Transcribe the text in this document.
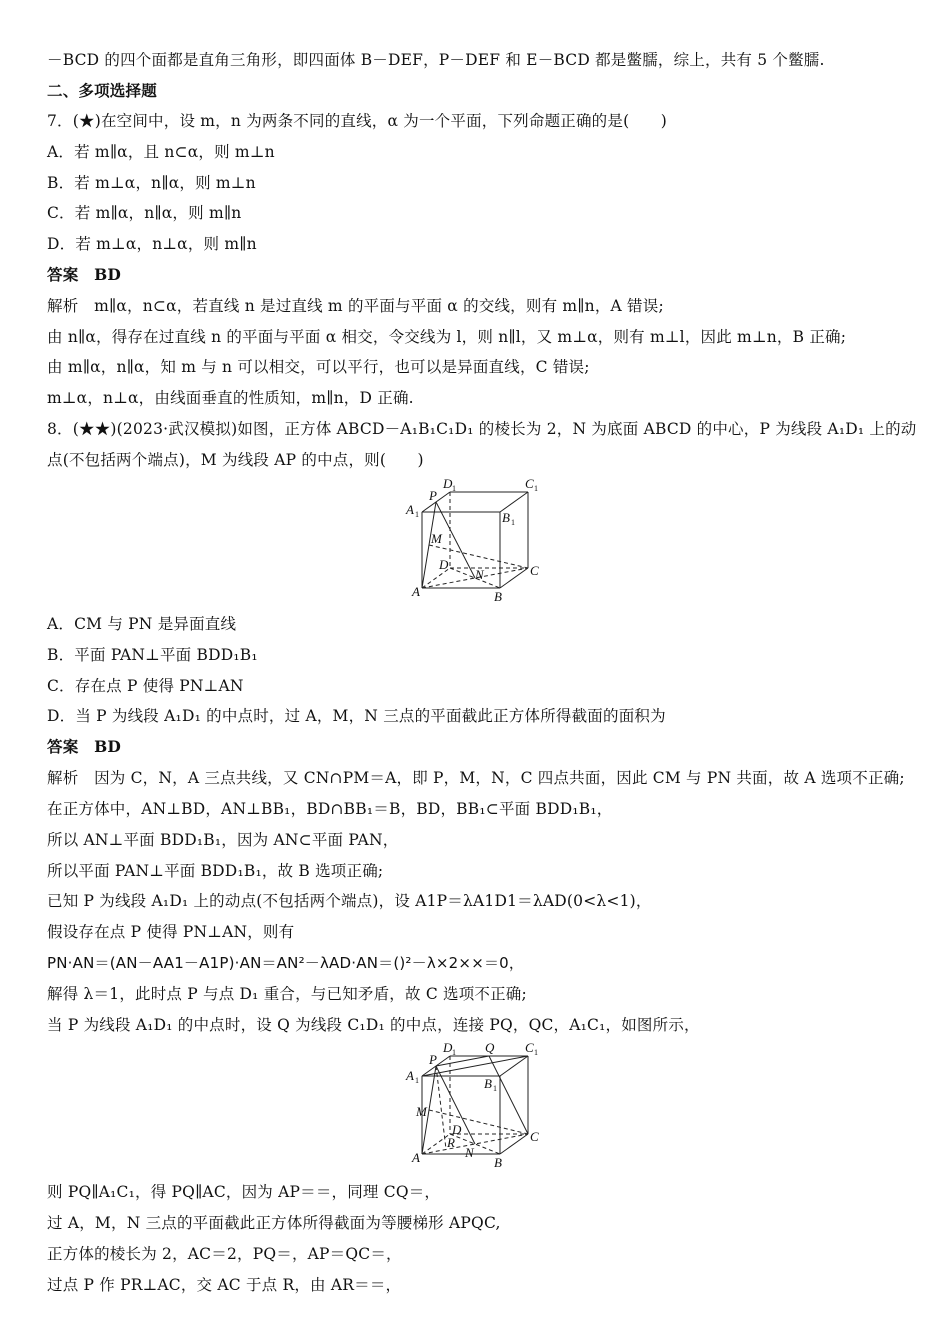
－BCD 的四个面都是直角三角形，即四面体 B－DEF，P－DEF 和 E－BCD 都是鳖臑，综上，共有 5 个鳖臑.
二、多项选择题
7．(★)在空间中，设 m，n 为两条不同的直线，α 为一个平面，下列命题正确的是(　　)
A．若 m∥α，且 n⊂α，则 m⊥n
B．若 m⊥α，n∥α，则 m⊥n
C．若 m∥α，n∥α，则 m∥n
D．若 m⊥α，n⊥α，则 m∥n
答案　BD
解析　m∥α，n⊂α，若直线 n 是过直线 m 的平面与平面 α 的交线，则有 m∥n，A 错误;
由 n∥α，得存在过直线 n 的平面与平面 α 相交，令交线为 l，则 n∥l，又 m⊥α，则有 m⊥l，因此 m⊥n，B 正确;
由 m∥α，n∥α，知 m 与 n 可以相交，可以平行，也可以是异面直线，C 错误;
m⊥α，n⊥α，由线面垂直的性质知，m∥n，D 正确.
8．(★★)(2023·武汉模拟)如图，正方体 ABCD－A₁B₁C₁D₁ 的棱长为 2，N 为底面 ABCD 的中心，P 为线段 A₁D₁ 上的动
点(不包括两个端点)，M 为线段 AP 的中点，则(　　)
D 1	C 1
P
A 1	B 1
M
D
N	C
A	B
A．CM 与 PN 是异面直线
B．平面 PAN⊥平面 BDD₁B₁
C．存在点 P 使得 PN⊥AN
D．当 P 为线段 A₁D₁ 的中点时，过 A，M，N 三点的平面截此正方体所得截面的面积为
答案　BD
解析　因为 C，N，A 三点共线，又 CN∩PM＝A，即 P，M，N，C 四点共面，因此 CM 与 PN 共面，故 A 选项不正确;
在正方体中，AN⊥BD，AN⊥BB₁，BD∩BB₁＝B，BD，BB₁⊂平面 BDD₁B₁，
所以 AN⊥平面 BDD₁B₁，因为 AN⊂平面 PAN，
所以平面 PAN⊥平面 BDD₁B₁，故 B 选项正确;
已知 P 为线段 A₁D₁ 上的动点(不包括两个端点)，设 A1P＝λA1D1＝λAD(0<λ<1)，
假设存在点 P 使得 PN⊥AN，则有
PN·AN＝(AN－AA1－A1P)·AN＝AN²－λAD·AN＝()²－λ×2××＝0，
解得 λ＝1，此时点 P 与点 D₁ 重合，与已知矛盾，故 C 选项不正确;
当 P 为线段 A₁D₁ 的中点时，设 Q 为线段 C₁D₁ 的中点，连接 PQ，QC，A₁C₁，如图所示，
D 1 Q C 1
P
A 1	B 1
M
D
R
N
C
A	B
则 PQ∥A₁C₁，得 PQ∥AC，因为 AP＝＝，同理 CQ＝，
过 A，M，N 三点的平面截此正方体所得截面为等腰梯形 APQC,
正方体的棱长为 2，AC＝2，PQ＝，AP＝QC＝，
过点 P 作 PR⊥AC，交 AC 于点 R，由 AR＝＝，
